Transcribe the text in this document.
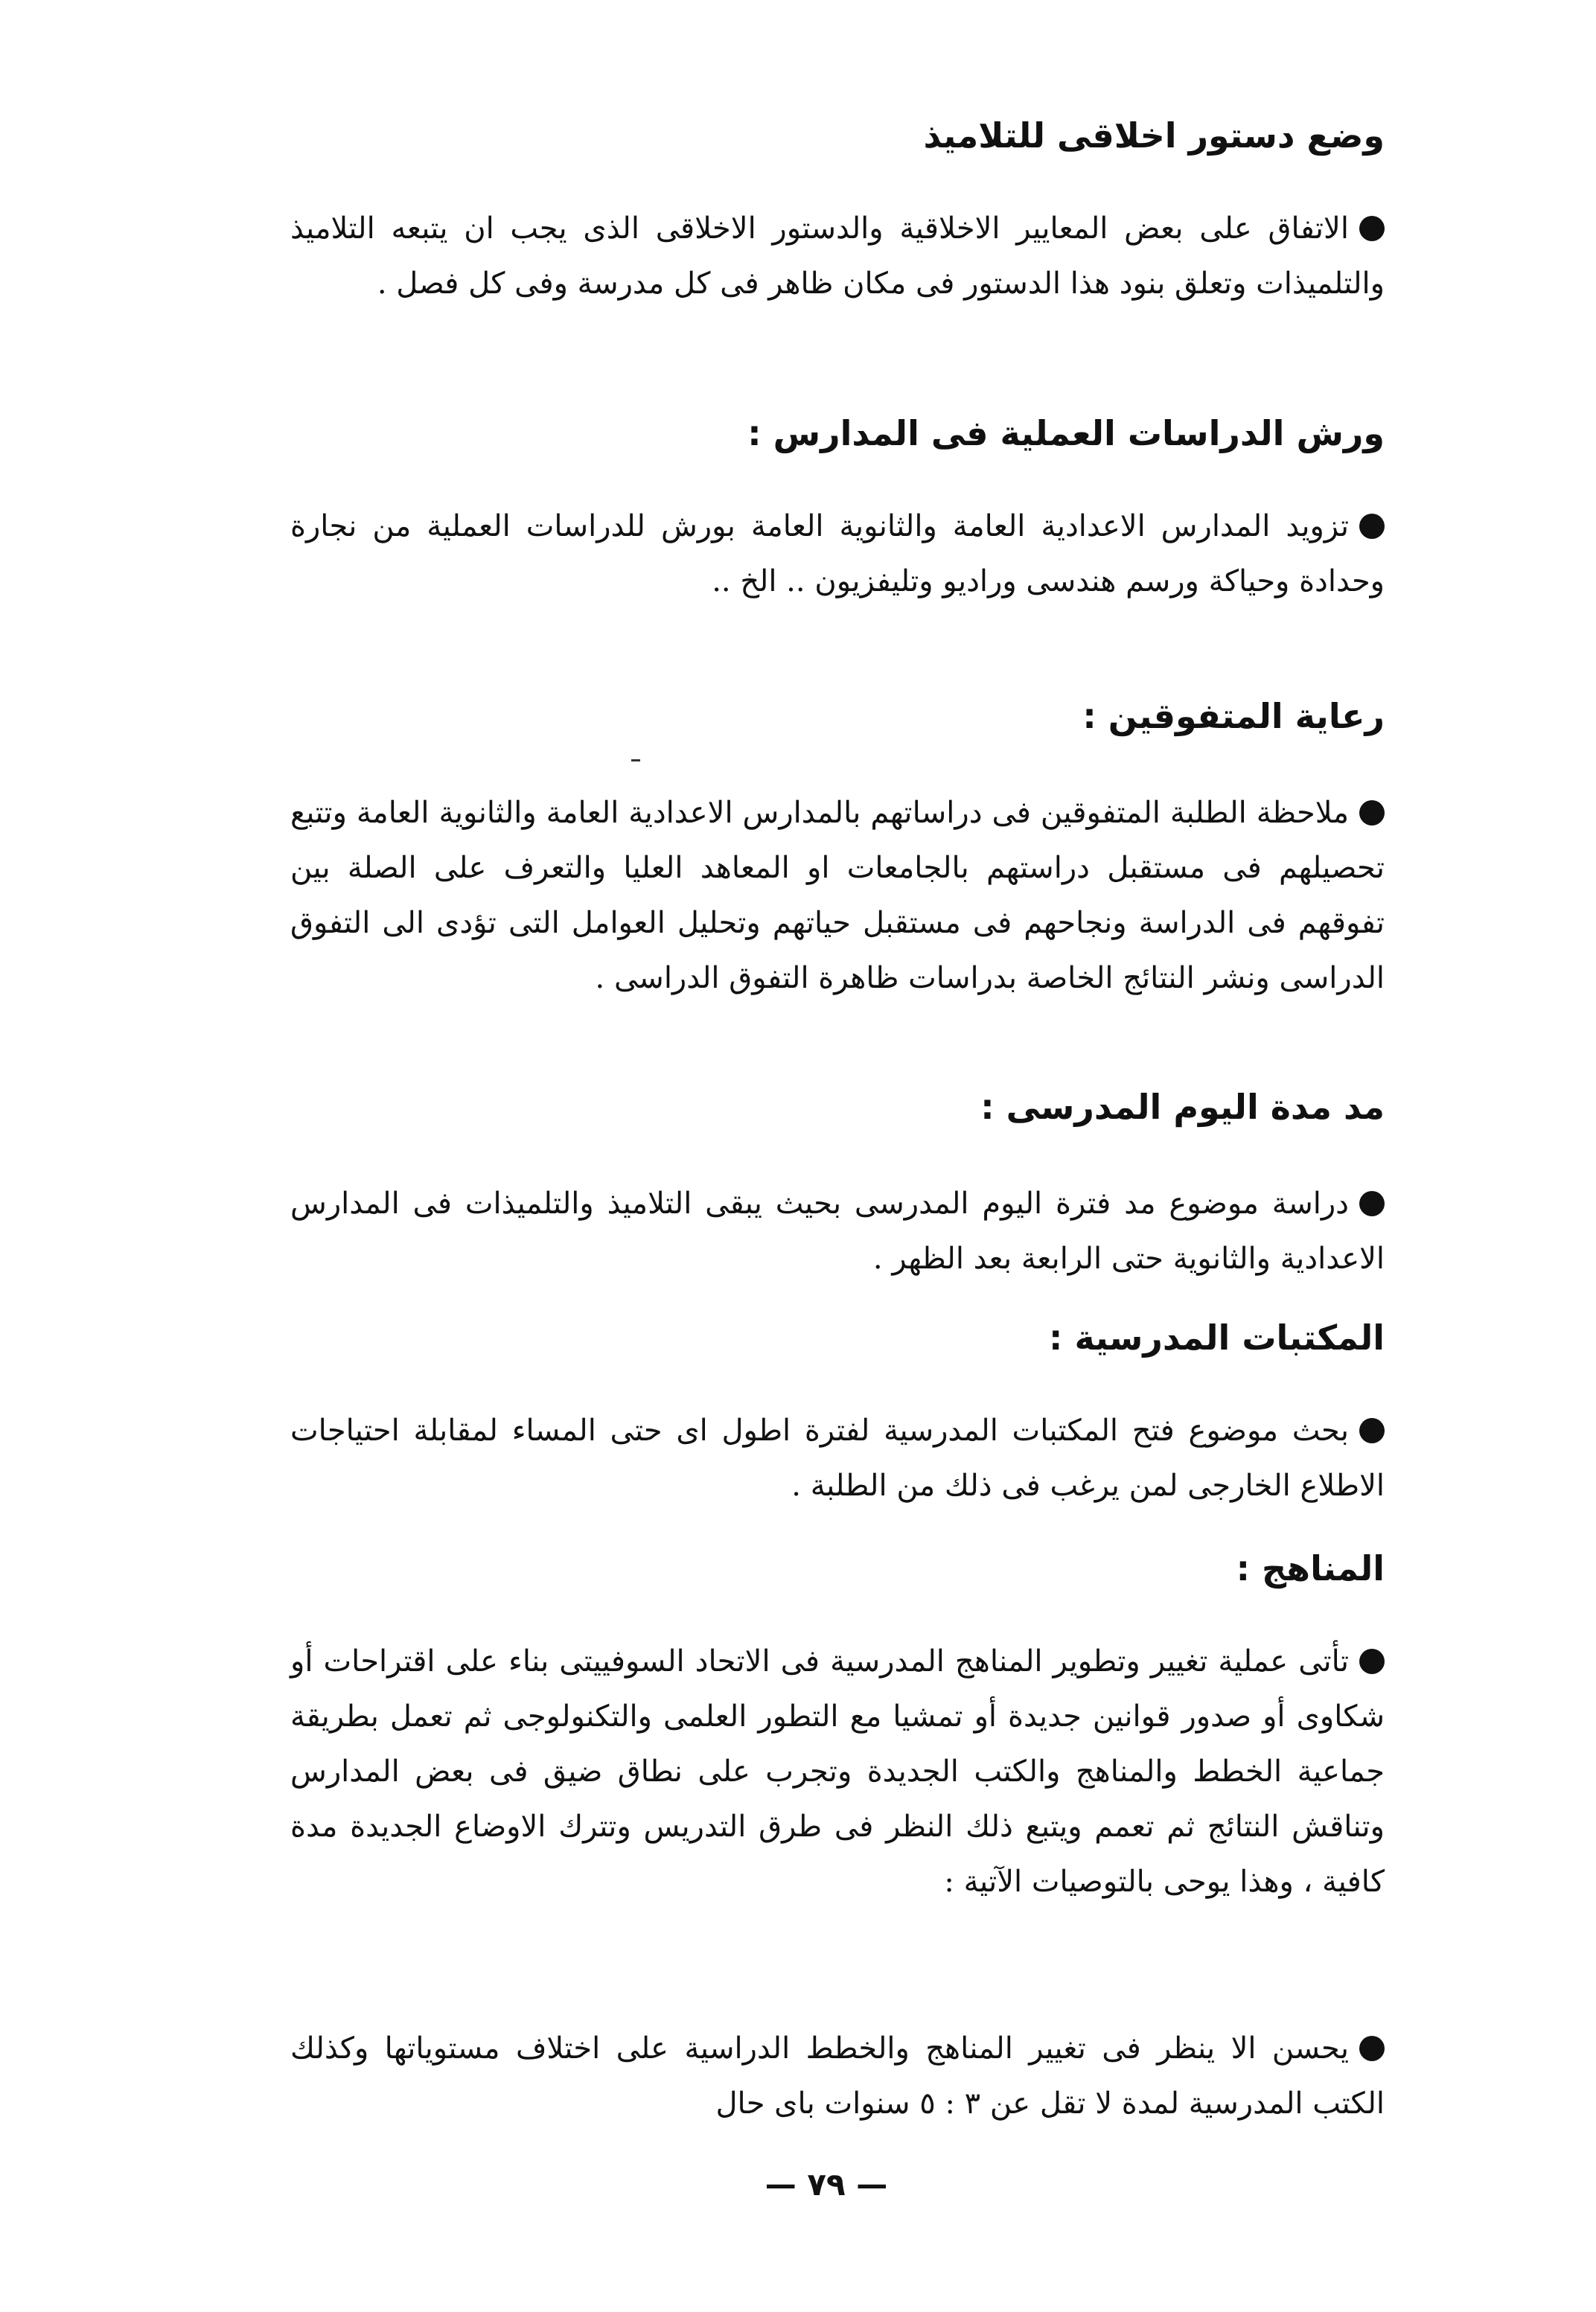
وضع دستور اخلاقى للتلاميذ
الاتفاق على بعض المعايير الاخلاقية والدستور الاخلاقى الذى يجب ان يتبعه التلاميذ والتلميذات وتعلق بنود هذا الدستور فى مكان ظاهر فى كل مدرسة وفى كل فصل .
ورش الدراسات العملية فى المدارس :
تزويد المدارس الاعدادية العامة والثانوية العامة بورش للدراسات العملية من نجارة وحدادة وحياكة ورسم هندسى وراديو وتليفزيون .. الخ ..
رعاية المتفوقين :
ملاحظة الطلبة المتفوقين فى دراساتهم بالمدارس الاعدادية العامة والثانوية العامة وتتبع تحصيلهم فى مستقبل دراستهم بالجامعات او المعاهد العليا والتعرف على الصلة بين تفوقهم فى الدراسة ونجاحهم فى مستقبل حياتهم وتحليل العوامل التى تؤدى الى التفوق الدراسى ونشر النتائج الخاصة بدراسات ظاهرة التفوق الدراسى .
مد مدة اليوم المدرسى :
دراسة موضوع مد فترة اليوم المدرسى بحيث يبقى التلاميذ والتلميذات فى المدارس الاعدادية والثانوية حتى الرابعة بعد الظهر .
المكتبات المدرسية :
بحث موضوع فتح المكتبات المدرسية لفترة اطول اى حتى المساء لمقابلة احتياجات الاطلاع الخارجى لمن يرغب فى ذلك من الطلبة .
المناهج :
تأتى عملية تغيير وتطوير المناهج المدرسية فى الاتحاد السوفييتى بناء على اقتراحات أو شكاوى أو صدور قوانين جديدة أو تمشيا مع التطور العلمى والتكنولوجى ثم تعمل بطريقة جماعية الخطط والمناهج والكتب الجديدة وتجرب على نطاق ضيق فى بعض المدارس وتناقش النتائج ثم تعمم ويتبع ذلك النظر فى طرق التدريس وتترك الاوضاع الجديدة مدة كافية ، وهذا يوحى بالتوصيات الآتية :
يحسن الا ينظر فى تغيير المناهج والخطط الدراسية على اختلاف مستوياتها وكذلك الكتب المدرسية لمدة لا تقل عن ٣ : ٥ سنوات باى حال
— ٧٩ —
